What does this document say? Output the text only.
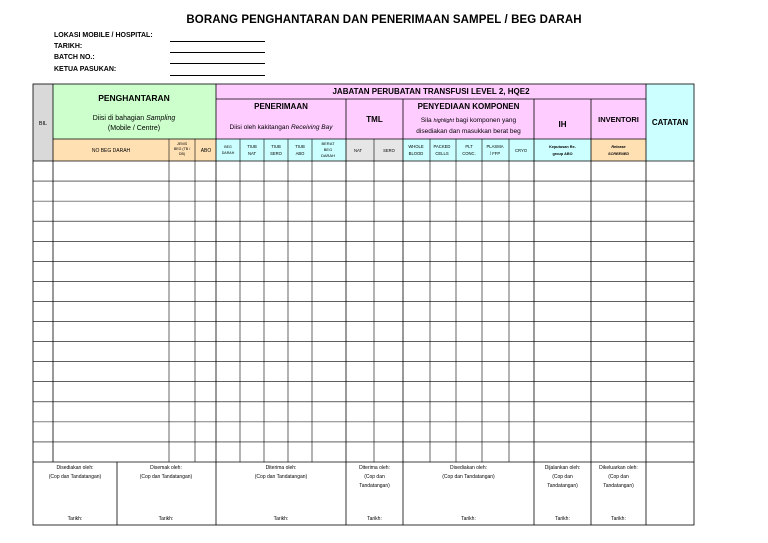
BORANG PENGHANTARAN DAN PENERIMAAN SAMPEL / BEG DARAH
LOKASI MOBILE / HOSPITAL:
TARIKH:
BATCH NO.:
KETUA PASUKAN:
BIL
PENGHANTARAN
Diisi di bahagian Sampling
(Mobile / Centre)
JABATAN PERUBATAN TRANSFUSI LEVEL 2, HQE2
PENERIMAAN
Diisi oleh kakitangan Receiving Bay
TML
PENYEDIAAN KOMPONEN
Sila highlight bagi komponen yang
disediakan dan masukkan berat beg
IH
INVENTORI CATATAN
NO BEG DARAH
JENIS
BEG (TB /
DB)	ABO
BEG
DARAH
TIUB
NAT
TIUB
SERO
TIUB
ABO
BERAT
BEG
DARAH
NAT	SERO
WHOLE
BLOOD
PACKED
CELLS
PLT
CONC.
PLASMA
/ FFP
CRYO
Keputusan Re-
group ABO
Release
SCREENED
Disediakan oleh:
(Cop dan Tandatangan)
Tarikh:
Disemak oleh:
(Cop dan Tandatangan)
Tarikh:
Diterima oleh:
(Cop dan Tandatangan)
Tarikh:
Diterima oleh:
(Cop dan
Tandatangan)
Tarikh:
Disediakan oleh:
(Cop dan Tandatangan)
Tarikh:
Dijalankan oleh:
(Cop dan
Tandatangan)
Tarikh:
Dikeluarkan oleh:
(Cop dan
Tandatangan)
Tarikh:
